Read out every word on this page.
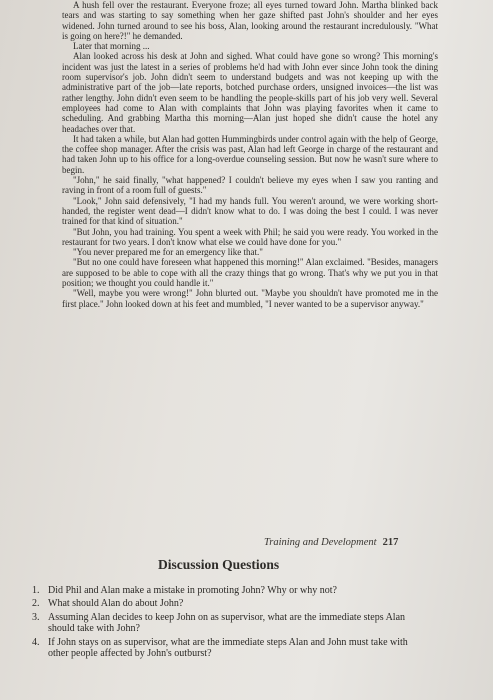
A hush fell over the restaurant. Everyone froze; all eyes turned toward John. Martha blinked back tears and was starting to say something when her gaze shifted past John's shoulder and her eyes widened. John turned around to see his boss, Alan, looking around the restaurant incredulously. "What is going on here?!" he demanded.

Later that morning ...

Alan looked across his desk at John and sighed. What could have gone so wrong? This morning's incident was just the latest in a series of problems he'd had with John ever since John took the dining room supervisor's job. John didn't seem to understand budgets and was not keeping up with the administrative part of the job—late reports, botched purchase orders, unsigned invoices—the list was rather lengthy. John didn't even seem to be handling the people-skills part of his job very well. Several employees had come to Alan with complaints that John was playing favorites when it came to scheduling. And grabbing Martha this morning—Alan just hoped she didn't cause the hotel any headaches over that.

It had taken a while, but Alan had gotten Hummingbirds under control again with the help of George, the coffee shop manager. After the crisis was past, Alan had left George in charge of the restaurant and had taken John up to his office for a long-overdue counseling session. But now he wasn't sure where to begin.

"John," he said finally, "what happened? I couldn't believe my eyes when I saw you ranting and raving in front of a room full of guests."

"Look," John said defensively, "I had my hands full. You weren't around, we were working short-handed, the register went dead—I didn't know what to do. I was doing the best I could. I was never trained for that kind of situation."

"But John, you had training. You spent a week with Phil; he said you were ready. You worked in the restaurant for two years. I don't know what else we could have done for you."

"You never prepared me for an emergency like that."

"But no one could have foreseen what happened this morning!" Alan exclaimed. "Besides, managers are supposed to be able to cope with all the crazy things that go wrong. That's why we put you in that position; we thought you could handle it."

"Well, maybe you were wrong!" John blurted out. "Maybe you shouldn't have promoted me in the first place." John looked down at his feet and mumbled, "I never wanted to be a supervisor anyway."

Training and Development 217
Discussion Questions
1. Did Phil and Alan make a mistake in promoting John? Why or why not?
2. What should Alan do about John?
3. Assuming Alan decides to keep John on as supervisor, what are the immediate steps Alan should take with John?
4. If John stays on as supervisor, what are the immediate steps Alan and John must take with other people affected by John's outburst?
